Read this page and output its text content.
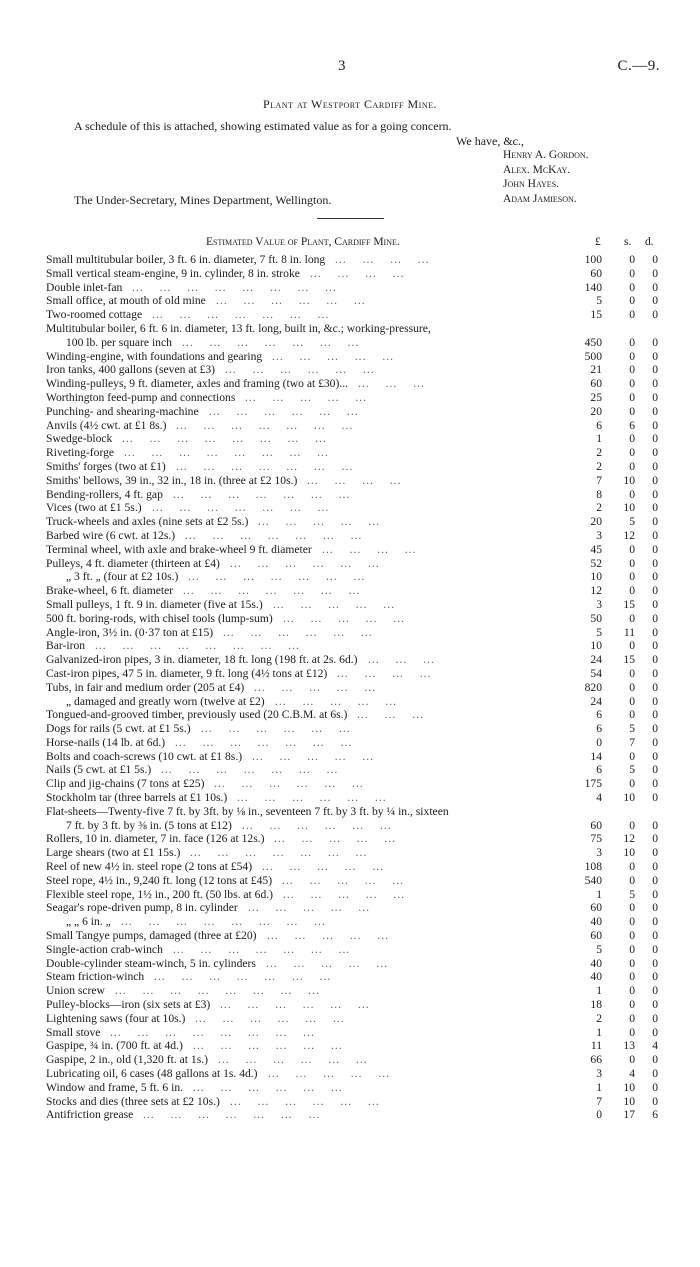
3	C.—9.
Plant at Westport Cardiff Mine.
A schedule of this is attached, showing estimated value as for a going concern.
We have, &c.,
Henry A. Gordon.
Alex. McKay.
John Hayes.
Adam Jamieson.
The Under-Secretary, Mines Department, Wellington.
Estimated Value of Plant, Cardiff Mine.	£ s. d.
Small multitubular boiler, 3 ft. 6 in. diameter, 7 ft. 8 in. long ... ... ... ...	100	0	0
Small vertical steam-engine, 9 in. cylinder, 8 in. stroke ... ... ... ...	60	0	0
Double inlet-fan ... ... ... ... ... ... ... ...	140	0	0
Small office, at mouth of old mine ... ... ... ... ... ...	5	0	0
Two-roomed cottage ... ... ... ... ... ... ...	15	0	0
Multitubular boiler, 6 ft. 6 in. diameter, 13 ft. long, built in, &c.; working-pressure,
100 lb. per square inch ... ... ... ... ... ... ...	450	0	0
Winding-engine, with foundations and gearing ... ... ... ... ...	500	0	0
Iron tanks, 400 gallons (seven at £3) ... ... ... ... ... ...	21	0	0
Winding-pulleys, 9 ft. diameter, axles and framing (two at £30)... ... ... ...	60	0	0
Worthington feed-pump and connections ... ... ... ... ...	25	0	0
Punching- and shearing-machine ... ... ... ... ... ...	20	0	0
Anvils (4½ cwt. at £1 8s.) ... ... ... ... ... ... ...	6	6	0
Swedge-block ... ... ... ... ... ... ... ...	1	0	0
Riveting-forge ... ... ... ... ... ... ... ...	2	0	0
Smiths' forges (two at £1) ... ... ... ... ... ... ...	2	0	0
Smiths' bellows, 39 in., 32 in., 18 in. (three at £2 10s.) ... ... ... ...	7	10	0
Bending-rollers, 4 ft. gap ... ... ... ... ... ... ...	8	0	0
Vices (two at £1 5s.) ... ... ... ... ... ... ...	2	10	0
Truck-wheels and axles (nine sets at £2 5s.) ... ... ... ... ...	20	5	0
Barbed wire (6 cwt. at 12s.) ... ... ... ... ... ... ...	3	12	0
Terminal wheel, with axle and brake-wheel 9 ft. diameter ... ... ... ...	45	0	0
Pulleys, 4 ft. diameter (thirteen at £4) ... ... ... ... ... ...	52	0	0
„ 3 ft. „ (four at £2 10s.) ... ... ... ... ... ... ...	10	0	0
Brake-wheel, 6 ft. diameter ... ... ... ... ... ... ...	12	0	0
Small pulleys, 1 ft. 9 in. diameter (five at 15s.) ... ... ... ... ...	3	15	0
500 ft. boring-rods, with chisel tools (lump-sum) ... ... ... ... ...	50	0	0
Angle-iron, 3½ in. (0·37 ton at £15) ... ... ... ... ... ...	5	11	0
Bar-iron ... ... ... ... ... ... ... ...	10	0	0
Galvanized-iron pipes, 3 in. diameter, 18 ft. long (198 ft. at 2s. 6d.) ... ... ...	24	15	0
Cast-iron pipes, 47 5 in. diameter, 9 ft. long (4½ tons at £12) ... ... ... ...	54	0	0
Tubs, in fair and medium order (205 at £4) ... ... ... ... ...	820	0	0
„ damaged and greatly worn (twelve at £2) ... ... ... ... ...	24	0	0
Tongued-and-grooved timber, previously used (20 C.B.M. at 6s.) ... ... ...	6	0	0
Dogs for rails (5 cwt. at £1 5s.) ... ... ... ... ... ...	6	5	0
Horse-nails (14 lb. at 6d.) ... ... ... ... ... ... ...	0	7	0
Bolts and coach-screws (10 cwt. at £1 8s.) ... ... ... ... ...	14	0	0
Nails (5 cwt. at £1 5s.) ... ... ... ... ... ... ...	6	5	0
Clip and jig-chains (7 tons at £25) ... ... ... ... ... ...	175	0	0
Stockholm tar (three barrels at £1 10s.) ... ... ... ... ... ...	4	10	0
Flat-sheets—Twenty-five 7 ft. by 3ft. by ⅛ in., seventeen 7 ft. by 3 ft. by ¼ in., sixteen
7 ft. by 3 ft. by ⅜ in. (5 tons at £12) ... ... ... ... ... ...	60	0	0
Rollers, 10 in. diameter, 7 in. face (126 at 12s.) ... ... ... ... ...	75	12	0
Large shears (two at £1 15s.) ... ... ... ... ... ... ...	3	10	0
Reel of new 4½ in. steel rope (2 tons at £54) ... ... ... ... ...	108	0	0
Steel rope, 4½ in., 9,240 ft. long (12 tons at £45) ... ... ... ... ...	540	0	0
Flexible steel rope, 1½ in., 200 ft. (50 lbs. at 6d.) ... ... ... ... ...	1	5	0
Seagar's rope-driven pump, 8 in. cylinder ... ... ... ... ...	60	0	0
„ „ 6 in. „ ... ... ... ... ... ... ... ...	40	0	0
Small Tangye pumps, damaged (three at £20) ... ... ... ... ...	60	0	0
Single-action crab-winch ... ... ... ... ... ... ...	5	0	0
Double-cylinder steam-winch, 5 in. cylinders ... ... ... ... ...	40	0	0
Steam friction-winch ... ... ... ... ... ... ...	40	0	0
Union screw ... ... ... ... ... ... ... ...	1	0	0
Pulley-blocks—iron (six sets at £3) ... ... ... ... ... ...	18	0	0
Lightening saws (four at 10s.) ... ... ... ... ... ...	2	0	0
Small stove ... ... ... ... ... ... ... ...	1	0	0
Gaspipe, ¾ in. (700 ft. at 4d.) ... ... ... ... ... ...	11	13	4
Gaspipe, 2 in., old (1,320 ft. at 1s.) ... ... ... ... ... ...	66	0	0
Lubricating oil, 6 cases (48 gallons at 1s. 4d.) ... ... ... ... ...	3	4	0
Window and frame, 5 ft. 6 in. ... ... ... ... ... ...	1	10	0
Stocks and dies (three sets at £2 10s.) ... ... ... ... ... ...	7	10	0
Antifriction grease ... ... ... ... ... ... ...	0	17	6
